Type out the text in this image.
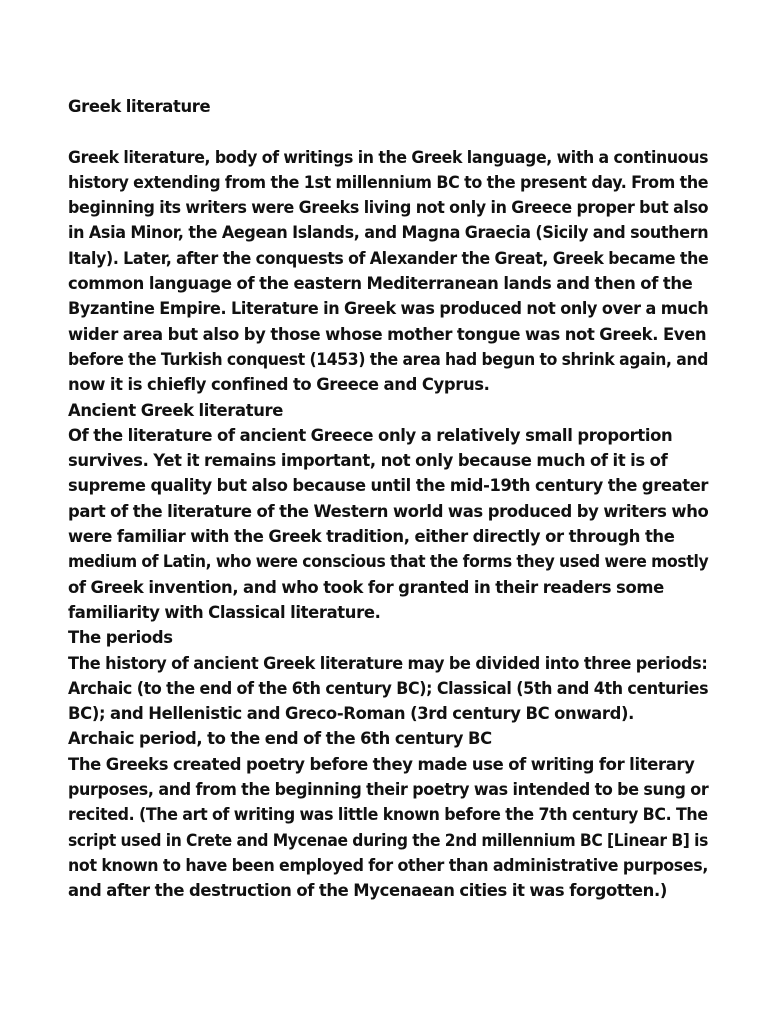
Greek literature
Greek literature, body of writings in the Greek language, with a continuous
history extending from the 1st millennium BC to the present day. From the
beginning its writers were Greeks living not only in Greece proper but also
in Asia Minor, the Aegean Islands, and Magna Graecia (Sicily and southern
Italy). Later, after the conquests of Alexander the Great, Greek became the
common language of the eastern Mediterranean lands and then of the
Byzantine Empire. Literature in Greek was produced not only over a much
wider area but also by those whose mother tongue was not Greek. Even
before the Turkish conquest (1453) the area had begun to shrink again, and
now it is chiefly confined to Greece and Cyprus.
Ancient Greek literature
Of the literature of ancient Greece only a relatively small proportion
survives. Yet it remains important, not only because much of it is of
supreme quality but also because until the mid-19th century the greater
part of the literature of the Western world was produced by writers who
were familiar with the Greek tradition, either directly or through the
medium of Latin, who were conscious that the forms they used were mostly
of Greek invention, and who took for granted in their readers some
familiarity with Classical literature.
The periods
The history of ancient Greek literature may be divided into three periods:
Archaic (to the end of the 6th century BC); Classical (5th and 4th centuries
BC); and Hellenistic and Greco-Roman (3rd century BC onward).
Archaic period, to the end of the 6th century BC
The Greeks created poetry before they made use of writing for literary
purposes, and from the beginning their poetry was intended to be sung or
recited. (The art of writing was little known before the 7th century BC. The
script used in Crete and Mycenae during the 2nd millennium BC [Linear B] is
not known to have been employed for other than administrative purposes,
and after the destruction of the Mycenaean cities it was forgotten.)
